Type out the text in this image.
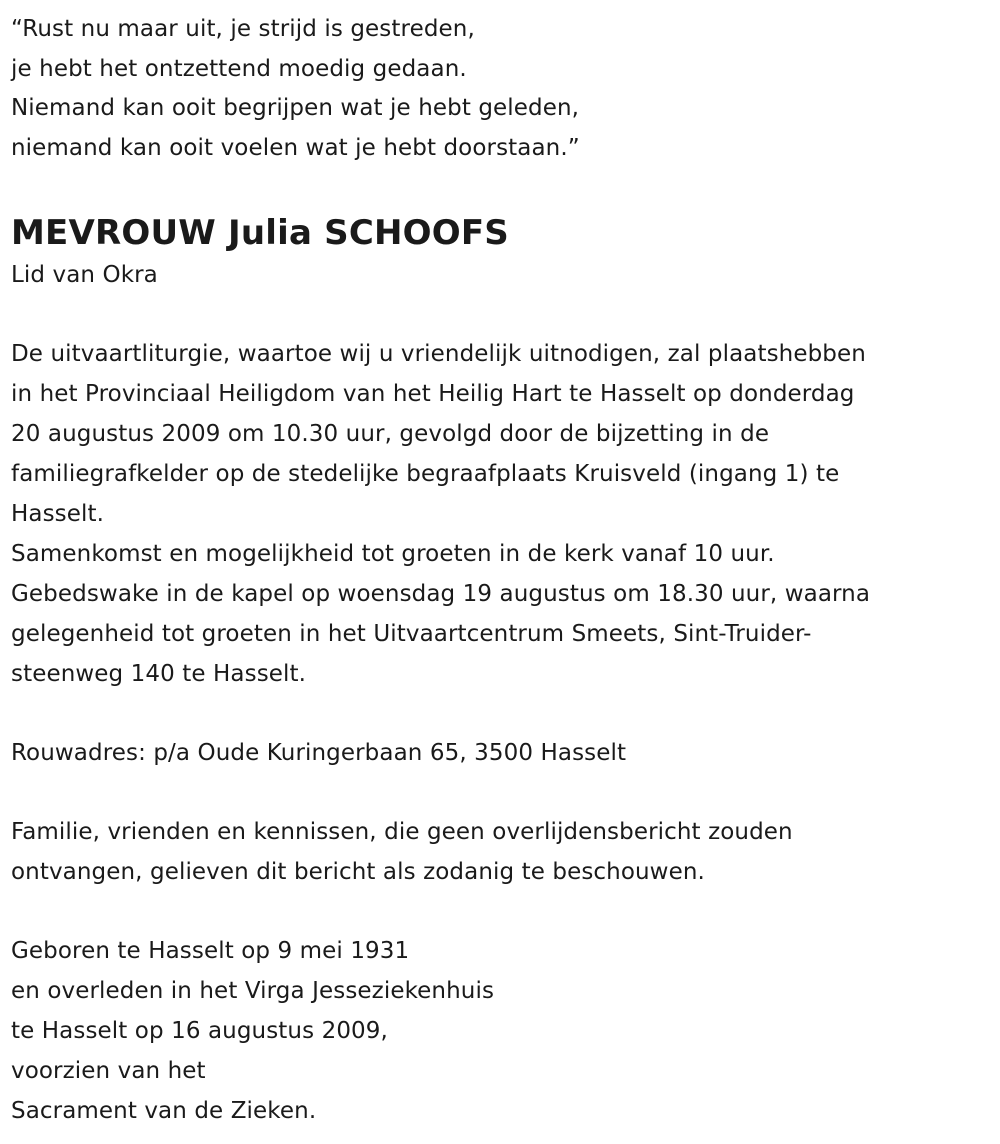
“Rust nu maar uit, je strijd is gestreden,
je hebt het ontzettend moedig gedaan.
Niemand kan ooit begrijpen wat je hebt geleden,
niemand kan ooit voelen wat je hebt doorstaan.”
MEVROUW Julia SCHOOFS
Lid van Okra
De uitvaartliturgie, waartoe wij u vriendelijk uitnodigen, zal plaatshebben
in het Provinciaal Heiligdom van het Heilig Hart te Hasselt op donderdag
20 augustus 2009 om 10.30 uur, gevolgd door de bijzetting in de
familiegrafkelder op de stedelijke begraafplaats Kruisveld (ingang 1) te
Hasselt.
Samenkomst en mogelijkheid tot groeten in de kerk vanaf 10 uur.
Gebedswake in de kapel op woensdag 19 augustus om 18.30 uur, waarna
gelegenheid tot groeten in het Uitvaartcentrum Smeets, Sint-Truider-
steenweg 140 te Hasselt.
Rouwadres: p/a Oude Kuringerbaan 65, 3500 Hasselt
Familie, vrienden en kennissen, die geen overlijdensbericht zouden
ontvangen, gelieven dit bericht als zodanig te beschouwen.
Geboren te Hasselt op 9 mei 1931
en overleden in het Virga Jesseziekenhuis
te Hasselt op 16 augustus 2009,
voorzien van het
Sacrament van de Zieken.
